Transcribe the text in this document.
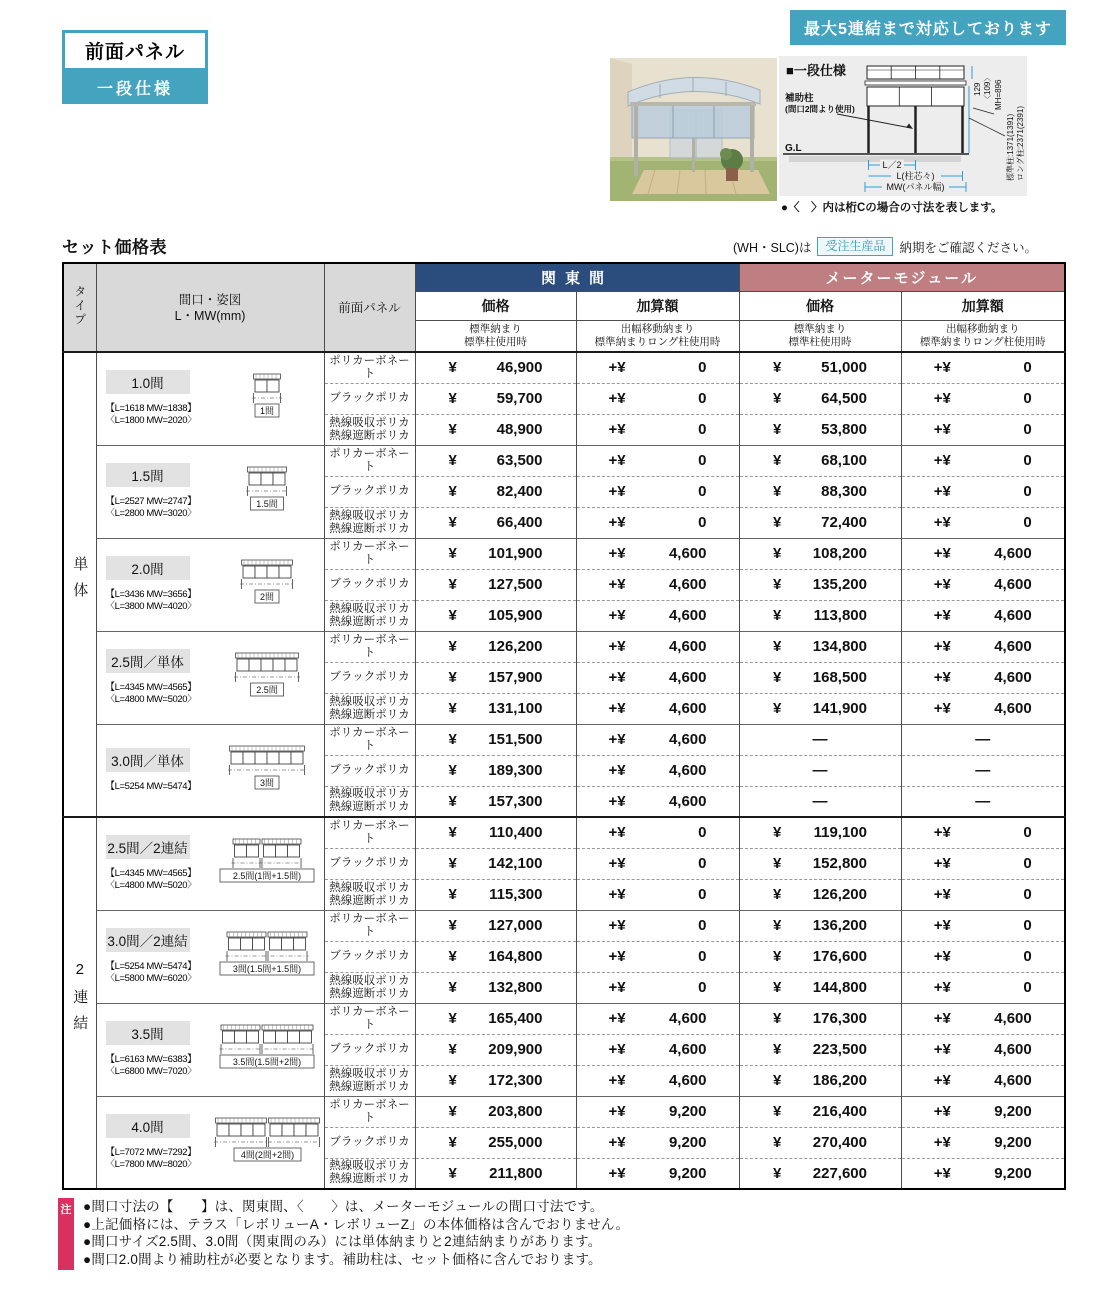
前面パネル
一段仕様
最大5連結まで対応しております
■一段仕様
補助柱
(間口2間より使用)
G.L
L／2
L(柱芯々)
MW(パネル幅)
129 〈109〉 MH=896
標準柱:1371(1391) ロング柱:2371(2391)
●〈　〉内は桁Cの場合の寸法を表します。
セット価格表	(WH・SLC)は	受注生産品	納期をご確認ください。
タイプ	間口・姿図
L・MW(mm)	前面パネル	関東間		メーターモジュール	
			価格	加算額	価格	加算額

標準納まり
標準柱使用時

出幅移動納まり
標準納まりロング柱使用時

標準納まり
標準柱使用時

出幅移動納まり
標準納まりロング柱使用時

単体	
1.0間
【L=1618 MW=1838】
〈L=1800 MW=2020〉
1間

ポリカーボネート	¥	46,900	+¥	0	¥	51,000	+¥	0

		ブラックポリカ	¥ 59,700	+¥ 0	¥ 64,500	+¥ 0

熱線吸収ポリカ
熱線遮断ポリカ	¥	48,900	+¥	0	¥	53,800	+¥	0

1.5間
【L=2527 MW=2747】
〈L=2800 MW=3020〉
1.5間

ポリカーボネート	¥	63,500	+¥	0	¥	68,100	+¥	0

		ブラックポリカ	¥ 82,400	+¥ 0	¥ 88,300	+¥ 0

熱線吸収ポリカ
熱線遮断ポリカ	¥	66,400	+¥	0	¥	72,400	+¥	0

2.0間
【L=3436 MW=3656】
〈L=3800 MW=4020〉
2間

ポリカーボネート	¥ 101,900	+¥	4,600	¥ 108,200	+¥	4,600

		ブラックポリカ	¥ 127,500	+¥ 4,600	¥ 135,200	+¥ 4,600

熱線吸収ポリカ
熱線遮断ポリカ	¥ 105,900	+¥	4,600	¥ 113,800	+¥	4,600

2.5間／単体
【L=4345 MW=4565】
〈L=4800 MW=5020〉
2.5間

ポリカーボネート	¥ 126,200	+¥	4,600	¥ 134,800	+¥	4,600

		ブラックポリカ	¥ 157,900	+¥ 4,600	¥ 168,500	+¥ 4,600

熱線吸収ポリカ
熱線遮断ポリカ	¥ 131,100	+¥	4,600	¥ 141,900	+¥	4,600

3.0間／単体
【L=5254 MW=5474】	3間

ポリカーボネート	¥ 151,500	+¥	4,600	—	—

		ブラックポリカ	¥ 189,300	+¥ 4,600	—	—

熱線吸収ポリカ
熱線遮断ポリカ	¥ 157,300	+¥	4,600	—	—
2連結	
2.5間／2連結
【L=4345 MW=4565】
〈L=4800 MW=5020〉
2.5間(1間+1.5間)

ポリカーボネート	¥ 110,400	+¥	0	¥ 119,100	+¥	0

		ブラックポリカ	¥ 142,100	+¥ 0	¥ 152,800	+¥ 0

熱線吸収ポリカ
熱線遮断ポリカ	¥ 115,300	+¥	0	¥ 126,200	+¥	0

3.0間／2連結
【L=5254 MW=5474】
〈L=5800 MW=6020〉
3間(1.5間+1.5間)

ポリカーボネート	¥ 127,000	+¥	0	¥ 136,200	+¥	0

		ブラックポリカ	¥ 164,800	+¥ 0	¥ 176,600	+¥ 0

熱線吸収ポリカ
熱線遮断ポリカ	¥ 132,800	+¥	0	¥ 144,800	+¥	0

3.5間
【L=6163 MW=6383】
〈L=6800 MW=7020〉
3.5間(1.5間+2間)

ポリカーボネート	¥ 165,400	+¥	4,600	¥ 176,300	+¥	4,600

		ブラックポリカ	¥ 209,900	+¥ 4,600	¥ 223,500	+¥ 4,600

熱線吸収ポリカ
熱線遮断ポリカ	¥ 172,300	+¥	4,600	¥ 186,200	+¥	4,600

4.0間
【L=7072 MW=7292】
〈L=7800 MW=8020〉
4間(2間+2間)

ポリカーボネート	¥ 203,800	+¥	9,200	¥ 216,400	+¥	9,200

		ブラックポリカ	¥ 255,000	+¥ 9,200	¥ 270,400	+¥ 9,200

熱線吸収ポリカ
熱線遮断ポリカ	¥ 211,800	+¥	9,200	¥ 227,600	+¥	9,200
注 ●間口寸法の【　　】は、関東間、〈　　〉は、メーターモジュールの間口寸法です。
●上記価格には、テラス「レボリューA・レボリューZ」の本体価格は含んでおりません。
●間口サイズ2.5間、3.0間（関東間のみ）には単体納まりと2連結納まりがあります。
●間口2.0間より補助柱が必要となります。補助柱は、セット価格に含んでおります。
